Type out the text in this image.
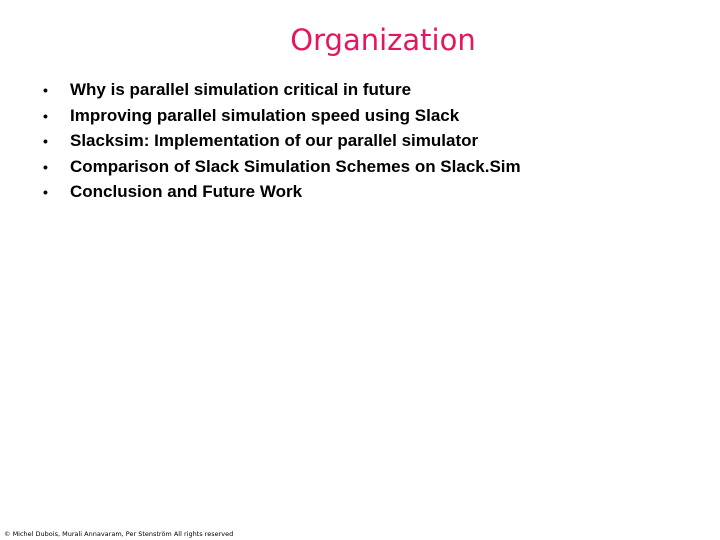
Organization
•	Why is parallel simulation critical in future
•	Improving parallel simulation speed using Slack
•	Slacksim: Implementation of our parallel simulator
•	Comparison of Slack Simulation Schemes on Slack.Sim
•	Conclusion and Future Work
© Michel Dubois, Murali Annavaram, Per Stenström All rights reserved
